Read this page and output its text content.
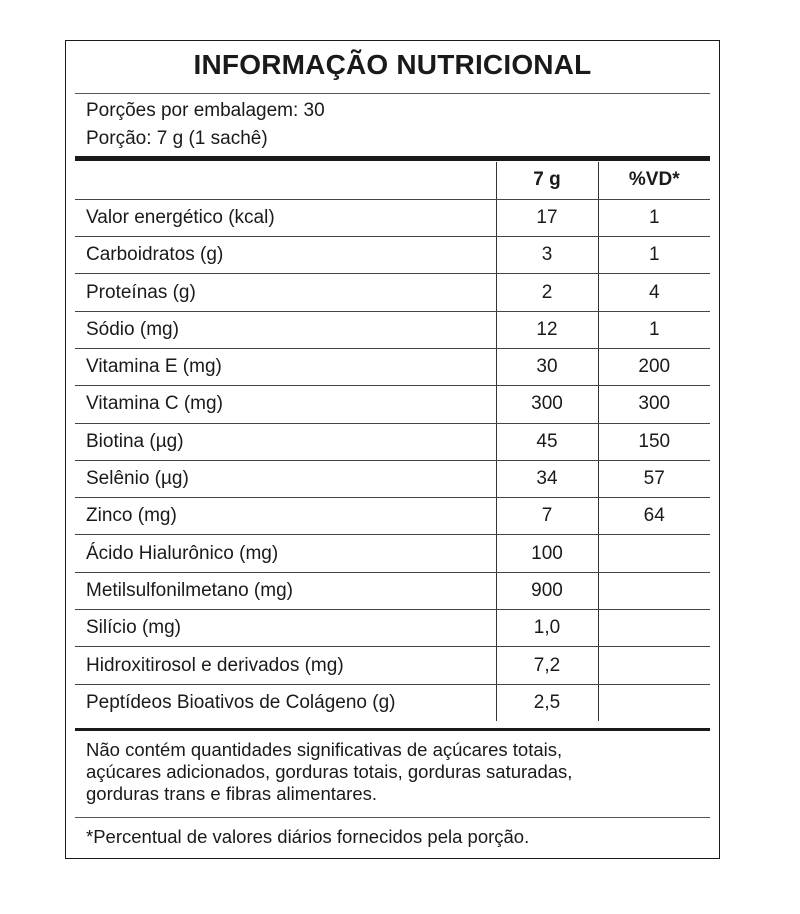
INFORMAÇÃO NUTRICIONAL
Porções por embalagem: 30
Porção: 7 g (1 sachê)
	7 g	%VD*
Valor energético (kcal)	17	1
Carboidratos (g)	3	1
Proteínas (g)	2	4
Sódio (mg)	12	1
Vitamina E (mg)	30	200
Vitamina C (mg)	300	300
Biotina (µg)	45	150
Selênio (µg)	34	57
Zinco (mg)	7	64
Ácido Hialurônico (mg)	100	
Metilsulfonilmetano (mg)	900	
Silício (mg)	1,0	
Hidroxitirosol e derivados (mg)	7,2	
Peptídeos Bioativos de Colágeno (g)	2,5	
Não contém quantidades significativas de açúcares totais,
açúcares adicionados, gorduras totais, gorduras saturadas,
gorduras trans e fibras alimentares.
*Percentual de valores diários fornecidos pela porção.
